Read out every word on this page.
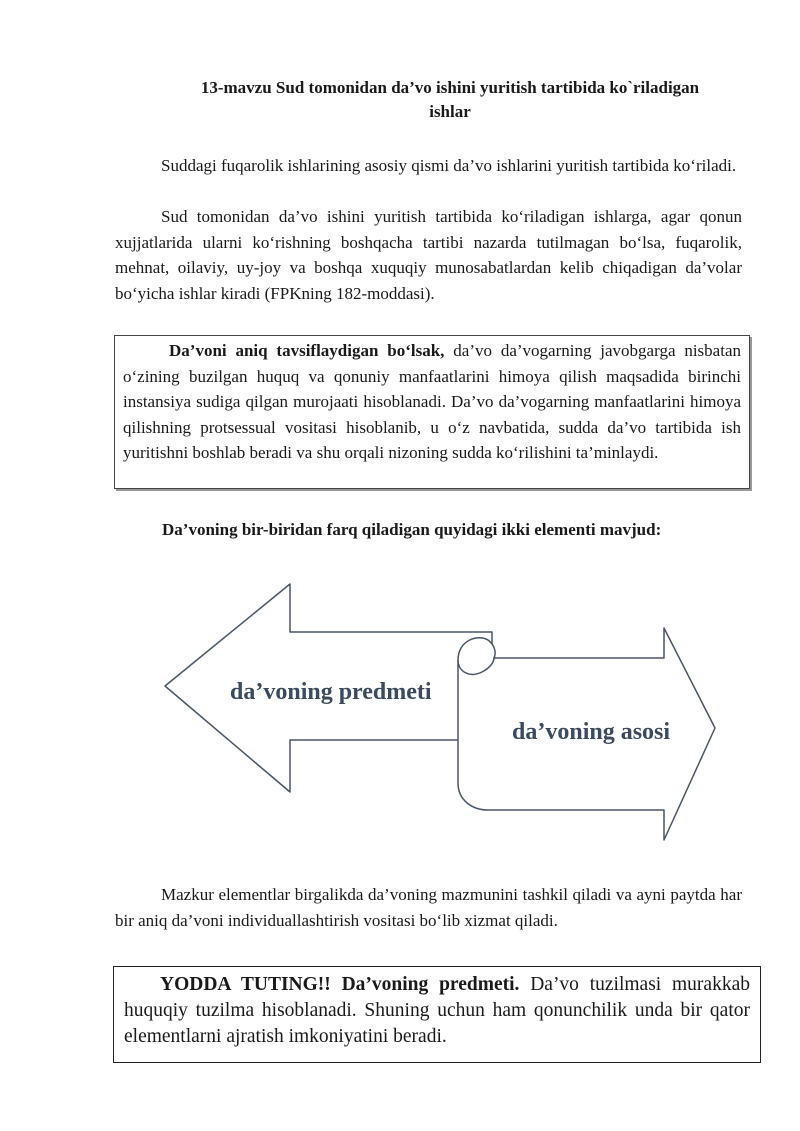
13-mavzu Sud tomonidan da’vo ishini yuritish tartibida ko`riladigan
ishlar
Suddagi fuqarolik ishlarining asosiy qismi da’vo ishlarini yuritish tartibida ko‘riladi.
Sud tomonidan da’vo ishini yuritish tartibida ko‘riladigan ishlarga, agar qonun xujjatlarida ularni ko‘rishning boshqacha tartibi nazarda tutilmagan bo‘lsa, fuqarolik, mehnat, oilaviy, uy-joy va boshqa xuquqiy munosabatlardan kelib chiqadigan da’volar bo‘yicha ishlar kiradi (FPKning 182-moddasi).
Da’voni aniq tavsiflaydigan bo‘lsak, da’vo da’vogarning javobgarga nisbatan o‘zining buzilgan huquq va qonuniy manfaatlarini himoya qilish maqsadida birinchi instansiya sudiga qilgan murojaati hisoblanadi. Da’vo da’vogarning manfaatlarini himoya qilishning protsessual vositasi hisoblanib, u o‘z navbatida, sudda da’vo tartibida ish yuritishni boshlab beradi va shu orqali nizoning sudda ko‘rilishini ta’minlaydi.
Da’voning bir-biridan farq qiladigan quyidagi ikki elementi mavjud:
da’voning predmeti
da’voning asosi
Mazkur elementlar birgalikda da’voning mazmunini tashkil qiladi va ayni paytda har bir aniq da’voni individuallashtirish vositasi bo‘lib xizmat qiladi.
YODDA TUTING!! Da’voning predmeti. Da’vo tuzilmasi murakkab huquqiy tuzilma hisoblanadi. Shuning uchun ham qonunchilik unda bir qator elementlarni ajratish imkoniyatini beradi.
